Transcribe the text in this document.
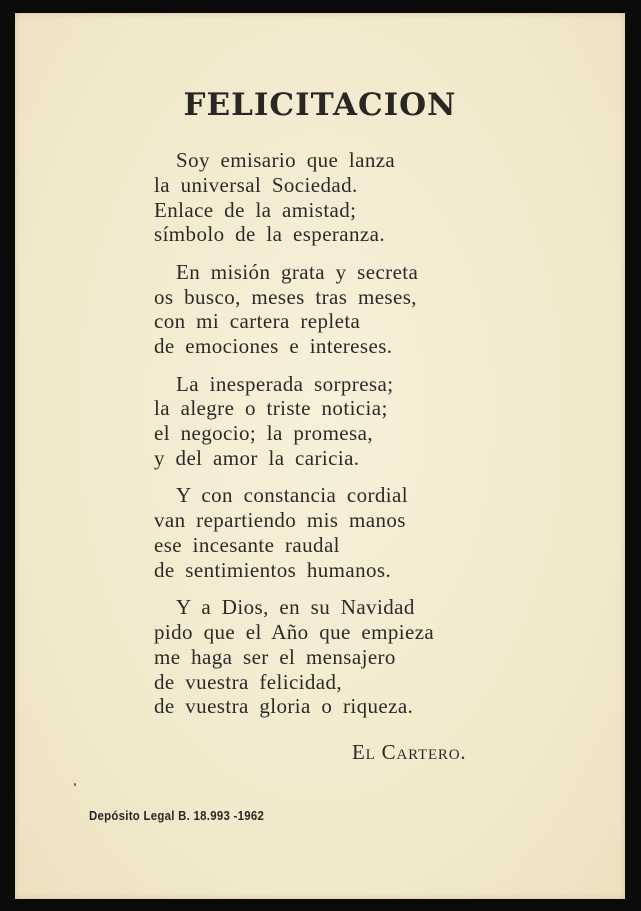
FELICITACION
Soy emisario que lanza
la universal Sociedad.
Enlace de la amistad;
símbolo de la esperanza.
En misión grata y secreta
os busco, meses tras meses,
con mi cartera repleta
de emociones e intereses.
La inesperada sorpresa;
la alegre o triste noticia;
el negocio; la promesa,
y del amor la caricia.
Y con constancia cordial
van repartiendo mis manos
ese incesante raudal
de sentimientos humanos.
Y a Dios, en su Navidad
pido que el Año que empieza
me haga ser el mensajero
de vuestra felicidad,
de vuestra gloria o riqueza.
El Cartero.
Depósito Legal B. 18.993 -1962
